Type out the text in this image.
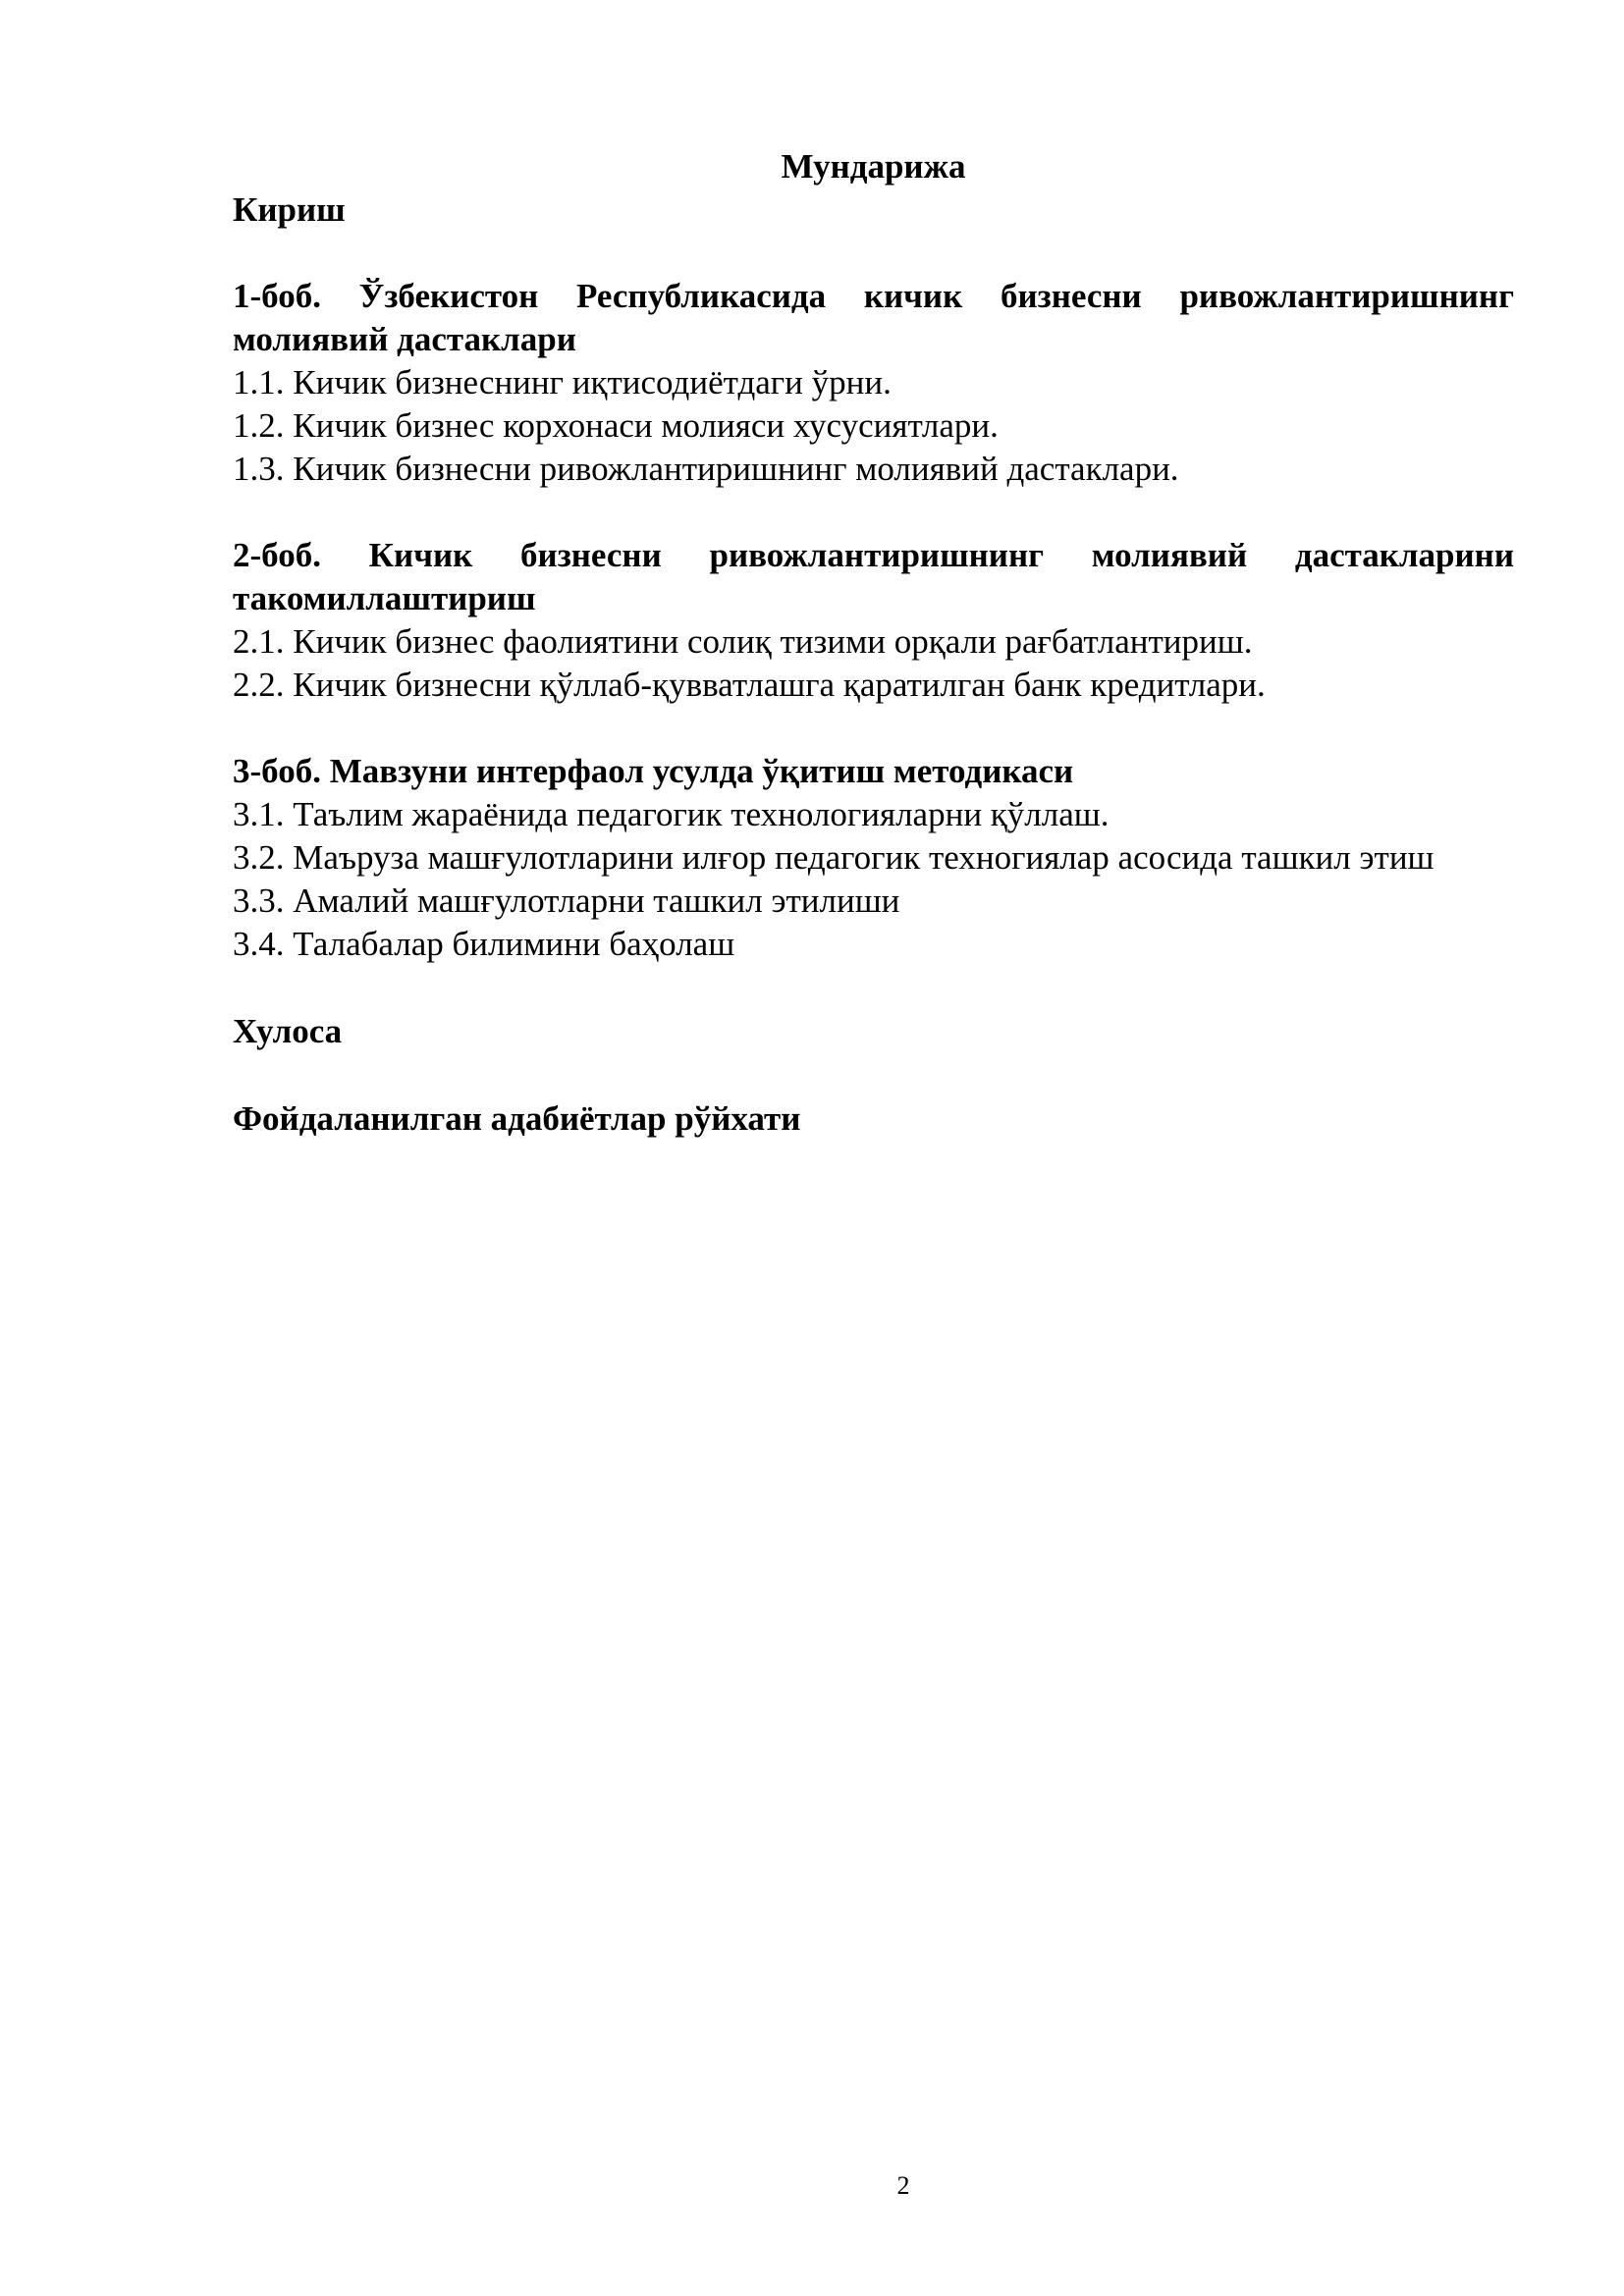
Мундарижа

Кириш

1-боб. Ўзбекистон Республикасида кичик бизнесни ривожлантиришнинг молиявий дастаклари

1.1. Кичик бизнеснинг иқтисодиётдаги ўрни.

1.2. Кичик бизнес корхонаси молияси хусусиятлари.

1.3. Кичик бизнесни ривожлантиришнинг молиявий дастаклари.

2-боб. Кичик бизнесни ривожлантиришнинг молиявий дастакларини такомиллаштириш

2.1. Кичик бизнес фаолиятини солиқ тизими орқали рағбатлантириш.

2.2. Кичик бизнесни қўллаб-қувватлашга қаратилган банк кредитлари.

3-боб. Мавзуни интерфаол усулда ўқитиш методикаси

3.1. Таълим жараёнида педагогик технологияларни қўллаш.

3.2. Маъруза машғулотларини илғор педагогик техногиялар асосида ташкил этиш

3.3. Амалий машғулотларни ташкил этилиши

3.4. Талабалар билимини баҳолаш

Хулоса

Фойдаланилган адабиётлар рўйхати

2
